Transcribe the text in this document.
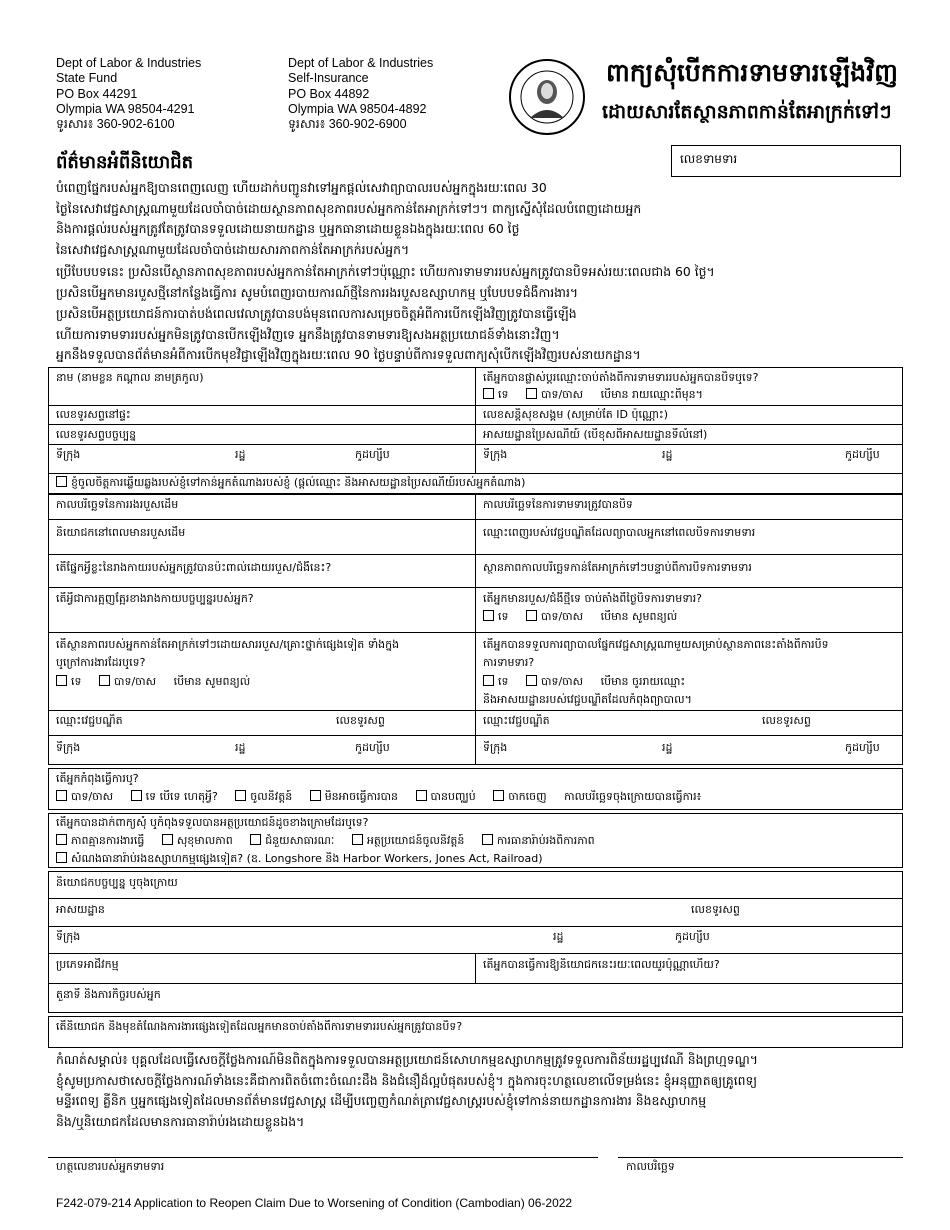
Dept of Labor & Industries
State Fund
PO Box 44291
Olympia WA 98504-4291
ទូរសារ៖ 360-902-6100
Dept of Labor & Industries
Self-Insurance
PO Box 44892
Olympia WA 98504-4892
ទូរសារ៖ 360-902-6900
ពាក្យសុំបើកការទាមទារឡើងវិញ
ដោយសារតែស្ថានភាពកាន់តែអាក្រក់ទៅៗ
លេខទាមទារ
ព័ត៌មានអំពីនិយោជិត
បំពេញផ្នែករបស់អ្នកឱ្យបានពេញលេញ ហើយដាក់បញ្ជូនវាទៅអ្នកផ្ដល់សេវាព្យាបាលរបស់អ្នកក្នុងរយៈពេល 30
ថ្ងៃនៃសេវាវេជ្ជសាស្ត្រណាមួយដែលចាំបាច់ដោយស្ថានភាពសុខភាពរបស់អ្នកកាន់តែអាក្រក់ទៅៗ។ ពាក្យស្នើសុំដែលបំពេញដោយអ្នក
និងការផ្ដល់របស់អ្នកត្រូវតែត្រូវបានទទួលដោយនាយកដ្ឋាន ឬអ្នកធានាដោយខ្លួនឯងក្នុងរយៈពេល 60 ថ្ងៃ
នៃសេវាវេជ្ជសាស្ត្រណាមួយដែលចាំបាច់ដោយសារភាពកាន់តែអាក្រក់របស់អ្នក។
ប្រើបែបបទនេះ ប្រសិនបើស្ថានភាពសុខភាពរបស់អ្នកកាន់តែអាក្រក់ទៅៗប៉ុណ្ណោះ ហើយការទាមទាររបស់អ្នកត្រូវបានបិទអស់រយៈពេលជាង 60 ថ្ងៃ។
ប្រសិនបើអ្នកមានរបួសថ្មីនៅកន្លែងធ្វើការ សូមបំពេញរបាយការណ៍ថ្មីនៃការរងរបួសឧស្សាហកម្ម ឬបែបបទជំងឺការងារ។
ប្រសិនបើអត្ថប្រយោជន៍ការបាត់បង់ពេលវេលាត្រូវបានបង់មុនពេលការសម្រេចចិត្តអំពីការបើកឡើងវិញត្រូវបានធ្វើឡើង
ហើយការទាមទាររបស់អ្នកមិនត្រូវបានបើកឡើងវិញទេ អ្នកនឹងត្រូវបានទាមទារឱ្យសងអត្ថប្រយោជន៍ទាំងនោះវិញ។
អ្នកនឹងទទួលបានព័ត៌មានអំពីការបើកមុខវិជ្ជាឡើងវិញក្នុងរយៈពេល 90 ថ្ងៃបន្ទាប់ពីការទទួលពាក្យសុំបើកឡើងវិញរបស់នាយកដ្ឋាន។
នាម (នាមខ្លួន កណ្ដាល នាមត្រកូល)	តើអ្នកបានផ្លាស់ប្ដូរឈ្មោះចាប់តាំងពីការទាមទាររបស់អ្នកបានបិទឬទេ?
ទេ	បាទ/ចាស បើមាន រាយឈ្មោះពីមុន។
លេខទូរសព្ទនៅផ្ទះ	លេខសន្តិសុខសង្គម (សម្រាប់តែ ID ប៉ុណ្ណោះ)
លេខទូរសព្ទបច្ចុប្បន្ន	អាសយដ្ឋានប្រៃសណីយ៍ (បើខុសពីអាសយដ្ឋានទីលំនៅ)
ទីក្រុង	រដ្ឋ	កូដហ្ស៊ីប	ទីក្រុង	រដ្ឋ	កូដហ្ស៊ីប
ខ្ញុំចូលចិត្តការឆ្លើយឆ្លងរបស់ខ្ញុំទៅកាន់អ្នកតំណាងរបស់ខ្ញុំ (ផ្ដល់ឈ្មោះ និងអាសយដ្ឋានប្រៃសណីយ៍របស់អ្នកតំណាង)
កាលបរិច្ឆេទនៃការរងរបួសដើម	កាលបរិច្ឆេទនៃការទាមទារត្រូវបានបិទ
និយោជកនៅពេលមានរបួសដើម	ឈ្មោះពេញរបស់វេជ្ជបណ្ឌិតដែលព្យាបាលអ្នកនៅពេលបិទការទាមទារ
តើផ្នែកអ្វីខ្លះនៃរាងកាយរបស់អ្នកត្រូវបានប៉ះពាល់ដោយរបួស/ជំងឺនេះ?	ស្ថានភាពកាលបរិច្ឆេទកាន់តែអាក្រក់ទៅៗបន្ទាប់ពីការបិទការទាមទារ
តើអ្វីជាការត្អូញត្អែរខាងរាងកាយបច្ចុប្បន្នរបស់អ្នក?	តើអ្នកមានរបួស/ជំងឺថ្មីទេ ចាប់តាំងពីថ្ងៃបិទការទាមទារ?
ទេ	បាទ/ចាស បើមាន សូមពន្យល់
តើស្ថានភាពរបស់អ្នកកាន់តែអាក្រក់ទៅៗដោយសាររបួស/គ្រោះថ្នាក់ផ្សេងទៀត ទាំងក្នុង
ឬក្រៅការងារដែរឬទេ?
ទេ	បាទ/ចាស បើមាន សូមពន្យល់
តើអ្នកបានទទួលការព្យាបាលផ្នែកវេជ្ជសាស្ត្រណាមួយសម្រាប់ស្ថានភាពនេះតាំងពីការបិទ
ការទាមទារ?
ទេ	បាទ/ចាស បើមាន ចូររាយឈ្មោះ
និងអាសយដ្ឋានរបស់វេជ្ជបណ្ឌិតដែលកំពុងព្យាបាល។
ឈ្មោះវេជ្ជបណ្ឌិត	លេខទូរសព្ទ	ឈ្មោះវេជ្ជបណ្ឌិត	លេខទូរសព្ទ
ទីក្រុង	រដ្ឋ	កូដហ្ស៊ីប	ទីក្រុង	រដ្ឋ	កូដហ្ស៊ីប
តើអ្នកកំពុងធ្វើការឬ?
បាទ/ចាស	ទេ បើទេ ហេតុអ្វី?	ចូលនិវត្តន៍	មិនអាចធ្វើការបាន	បានបញ្ឈប់	ចាកចេញ កាលបរិច្ឆេទចុងក្រោយបានធ្វើការ៖
តើអ្នកបានដាក់ពាក្យសុំ ឬកំពុងទទួលបានអត្ថប្រយោជន៍ដូចខាងក្រោមដែរឬទេ?
ភាពគ្មានការងារធ្វើ	សុខុមាលភាព	ជំនួយសាធារណៈ	អត្ថប្រយោជន៍ចូលនិវត្តន៍	ការធានារ៉ាប់រងពិការភាព
សំណងធានារ៉ាប់រងឧស្សាហកម្មផ្សេងទៀត? (ឧ. Longshore និង Harbor Workers, Jones Act, Railroad)
និយោជកបច្ចុប្បន្ន ឬចុងក្រោយ
អាសយដ្ឋាន	លេខទូរសព្ទ
ទីក្រុង	រដ្ឋ	កូដហ្ស៊ីប
ប្រភេទអាជីវកម្ម	តើអ្នកបានធ្វើការឱ្យនិយោជកនេះរយៈពេលយូរប៉ុណ្ណាហើយ?
តួនាទី និងភារកិច្ចរបស់អ្នក
តើនិយោជក និងមុខតំណែងការងារផ្សេងទៀតដែលអ្នកមានចាប់តាំងពីការទាមទាររបស់អ្នកត្រូវបានបិទ?
កំណត់សម្គាល់៖ បុគ្គលដែលធ្វើសេចក្ដីថ្លែងការណ៍មិនពិតក្នុងការទទួលបានអត្ថប្រយោជន៍សោហកម្មឧស្សាហកម្មត្រូវទទួលការពិន័យរដ្ឋប្បវេណី និងព្រហ្មទណ្ឌ។
ខ្ញុំសូមប្រកាសថាសេចក្ដីថ្លែងការណ៍ទាំងនេះគឺជាការពិតចំពោះចំណេះដឹង និងជំនឿដ៏ល្អបំផុតរបស់ខ្ញុំ។ ក្នុងការចុះហត្ថលេខាលើទម្រង់នេះ ខ្ញុំអនុញ្ញាតឲ្យគ្រូពេទ្យ
មន្ទីរពេទ្យ គ្លីនិក ឬអ្នកផ្សេងទៀតដែលមានព័ត៌មានវេជ្ជសាស្ត្រ ដើម្បីបញ្ចេញកំណត់ត្រាវេជ្ជសាស្ត្ររបស់ខ្ញុំទៅកាន់នាយកដ្ឋានការងារ និងឧស្សាហកម្ម
និង/ឬនិយោជកដែលមានការធានារ៉ាប់រងដោយខ្លួនឯង។
ហត្ថលេខារបស់អ្នកទាមទារ	កាលបរិច្ឆេទ
F242-079-214 Application to Reopen Claim Due to Worsening of Condition (Cambodian) 06-2022
